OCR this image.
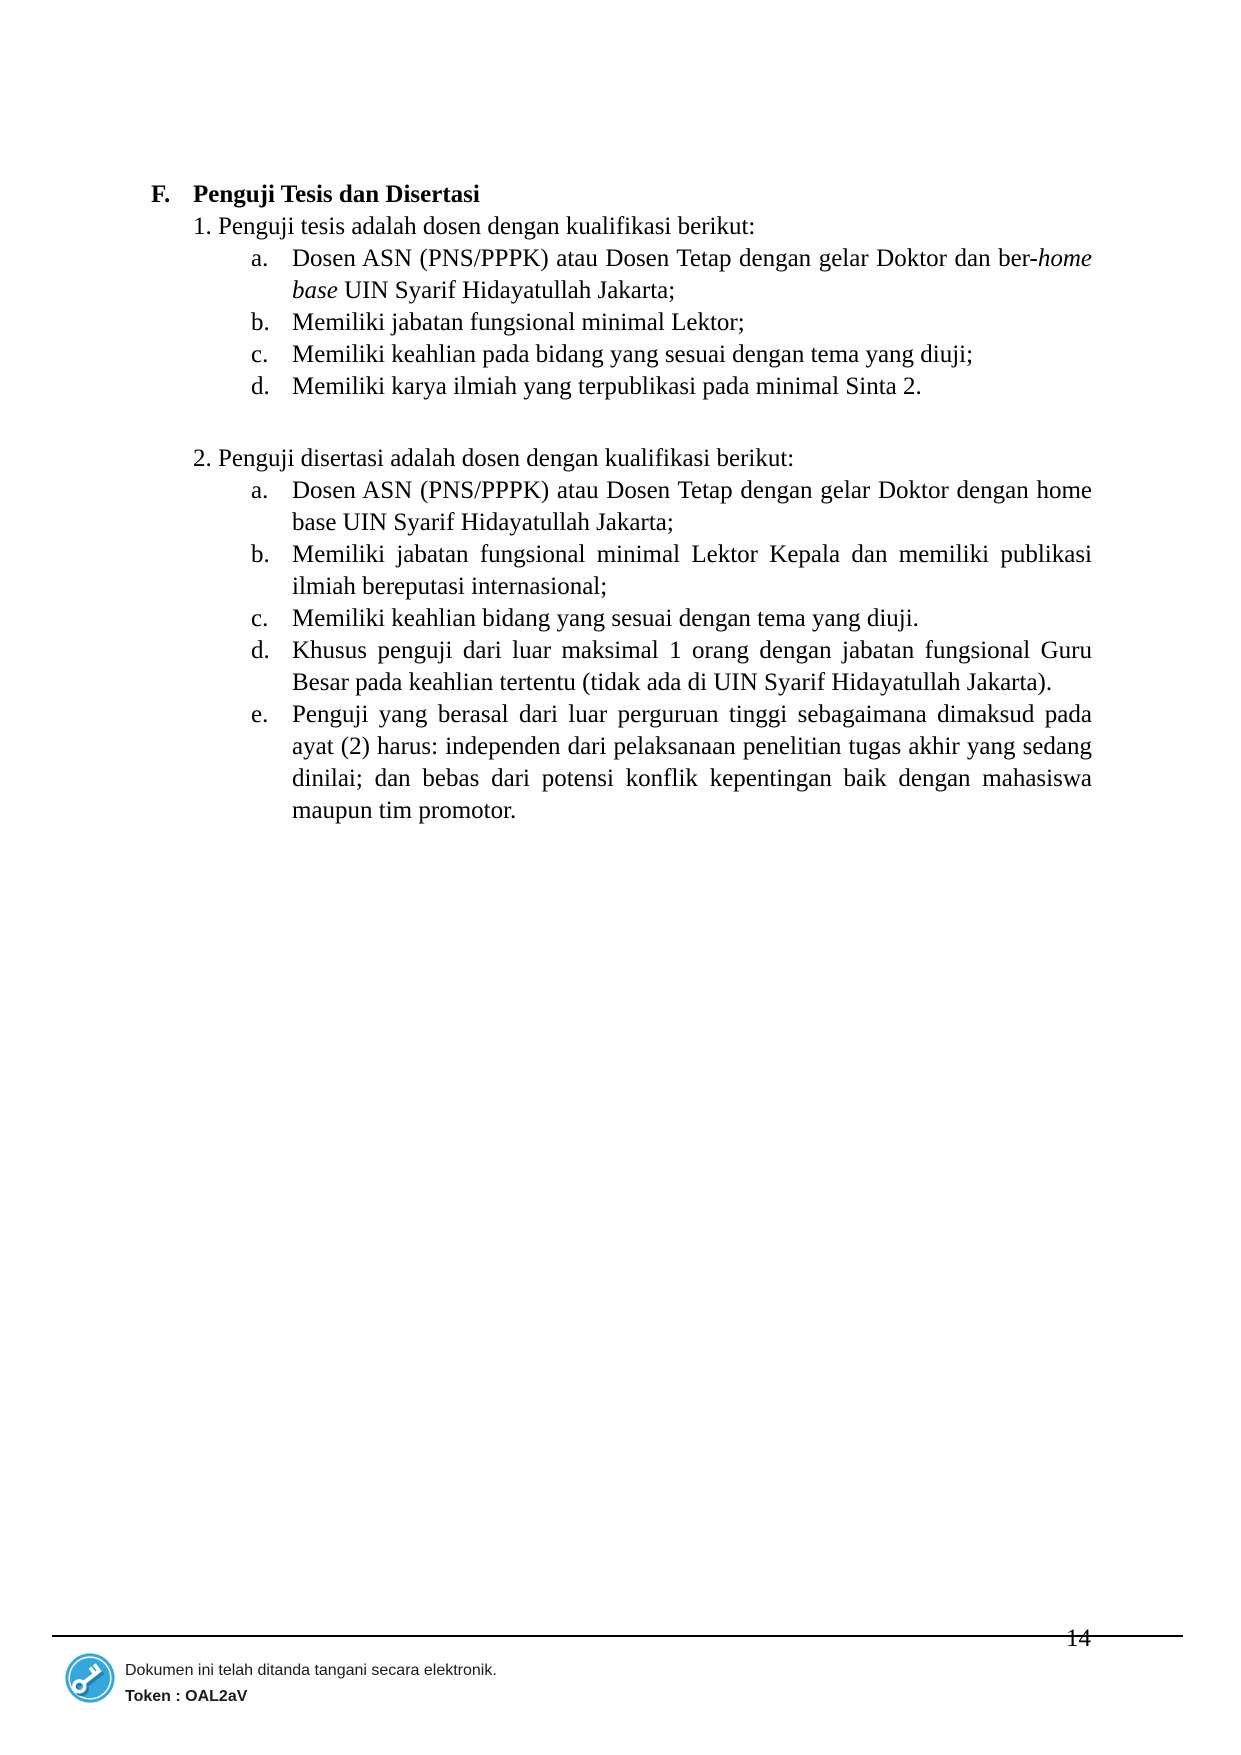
F. Penguji Tesis dan Disertasi
1. Penguji tesis adalah dosen dengan kualifikasi berikut:
a. Dosen ASN (PNS/PPPK) atau Dosen Tetap dengan gelar Doktor dan ber-home base UIN Syarif Hidayatullah Jakarta;
b. Memiliki jabatan fungsional minimal Lektor;
c. Memiliki keahlian pada bidang yang sesuai dengan tema yang diuji;
d. Memiliki karya ilmiah yang terpublikasi pada minimal Sinta 2.
2. Penguji disertasi adalah dosen dengan kualifikasi berikut:
a. Dosen ASN (PNS/PPPK) atau Dosen Tetap dengan gelar Doktor dengan home base UIN Syarif Hidayatullah Jakarta;
b. Memiliki jabatan fungsional minimal Lektor Kepala dan memiliki publikasi ilmiah bereputasi internasional;
c. Memiliki keahlian bidang yang sesuai dengan tema yang diuji.
d. Khusus penguji dari luar maksimal 1 orang dengan jabatan fungsional Guru Besar pada keahlian tertentu (tidak ada di UIN Syarif Hidayatullah Jakarta).
e. Penguji yang berasal dari luar perguruan tinggi sebagaimana dimaksud pada ayat (2) harus: independen dari pelaksanaan penelitian tugas akhir yang sedang dinilai; dan bebas dari potensi konflik kepentingan baik dengan mahasiswa maupun tim promotor.
14
Dokumen ini telah ditanda tangani secara elektronik.
Token : OAL2aV
